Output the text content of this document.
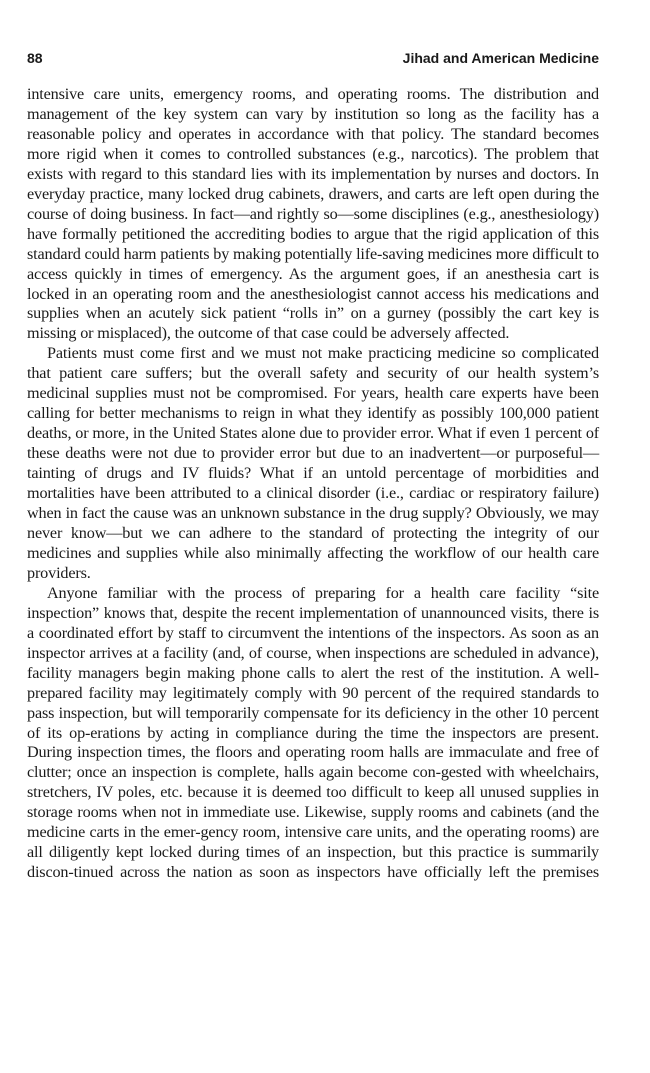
88	Jihad and American Medicine

intensive care units, emergency rooms, and operating rooms. The distribution and management of the key system can vary by institution so long as the facility has a reasonable policy and operates in accordance with that policy. The standard becomes more rigid when it comes to controlled substances (e.g., narcotics). The problem that exists with regard to this standard lies with its implementation by nurses and doctors. In everyday practice, many locked drug cabinets, drawers, and carts are left open during the course of doing business. In fact—and rightly so—some disciplines (e.g., anesthesiology) have formally petitioned the accrediting bodies to argue that the rigid application of this standard could harm patients by making potentially life-saving medicines more difficult to access quickly in times of emergency. As the argument goes, if an anesthesia cart is locked in an operating room and the anesthesiologist cannot access his medications and supplies when an acutely sick patient “rolls in” on a gurney (possibly the cart key is missing or misplaced), the outcome of that case could be adversely affected.

Patients must come first and we must not make practicing medicine so complicated that patient care suffers; but the overall safety and security of our health system’s medicinal supplies must not be compromised. For years, health care experts have been calling for better mechanisms to reign in what they identify as possibly 100,000 patient deaths, or more, in the United States alone due to provider error. What if even 1 percent of these deaths were not due to provider error but due to an inadvertent—or purposeful—tainting of drugs and IV fluids? What if an untold percentage of morbidities and mortalities have been attributed to a clinical disorder (i.e., cardiac or respiratory failure) when in fact the cause was an unknown substance in the drug supply? Obviously, we may never know—but we can adhere to the standard of protecting the integrity of our medicines and supplies while also minimally affecting the workflow of our health care providers.

Anyone familiar with the process of preparing for a health care facility “site inspection” knows that, despite the recent implementation of unannounced visits, there is a coordinated effort by staff to circumvent the intentions of the inspectors. As soon as an inspector arrives at a facility (and, of course, when inspections are scheduled in advance), facility managers begin making phone calls to alert the rest of the institution. A well-prepared facility may legitimately comply with 90 percent of the required standards to pass inspection, but will temporarily compensate for its deficiency in the other 10 percent of its op-erations by acting in compliance during the time the inspectors are present. During inspection times, the floors and operating room halls are immaculate and free of clutter; once an inspection is complete, halls again become con-gested with wheelchairs, stretchers, IV poles, etc. because it is deemed too difficult to keep all unused supplies in storage rooms when not in immediate use. Likewise, supply rooms and cabinets (and the medicine carts in the emer-gency room, intensive care units, and the operating rooms) are all diligently kept locked during times of an inspection, but this practice is summarily discon-tinued across the nation as soon as inspectors have officially left the premises
